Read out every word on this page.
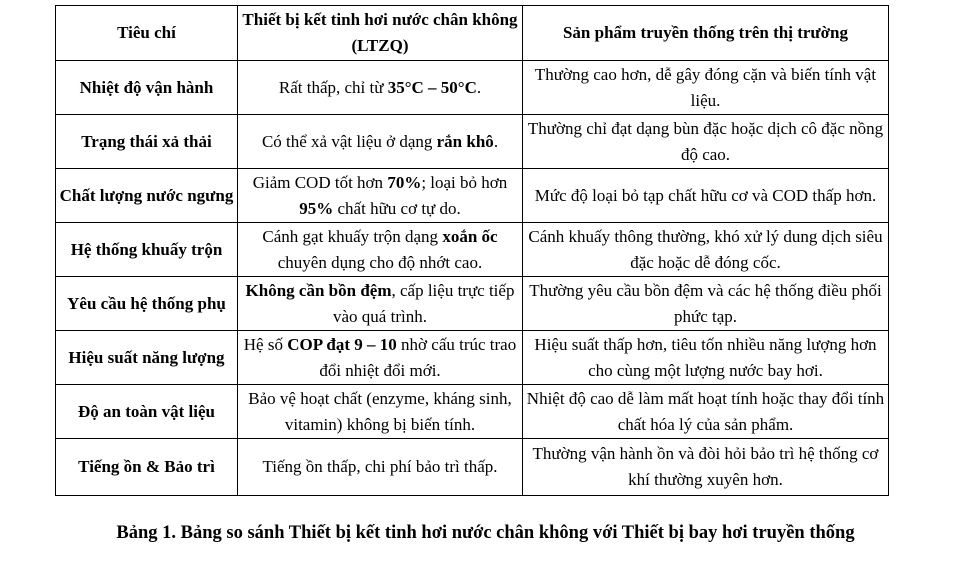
Tiêu chí	Thiết bị kết tinh hơi nước chân không (LTZQ)	Sản phẩm truyền thống trên thị trường
Nhiệt độ vận hành	Rất thấp, chỉ từ 35°C – 50°C.	Thường cao hơn, dễ gây đóng cặn và biến tính vật liệu.
Trạng thái xả thải	Có thể xả vật liệu ở dạng rắn khô.	Thường chỉ đạt dạng bùn đặc hoặc dịch cô đặc nồng độ cao.
Chất lượng nước ngưng	Giảm COD tốt hơn 70%; loại bỏ hơn 95% chất hữu cơ tự do.	Mức độ loại bỏ tạp chất hữu cơ và COD thấp hơn.
Hệ thống khuấy trộn	Cánh gạt khuấy trộn dạng xoắn ốc chuyên dụng cho độ nhớt cao.	Cánh khuấy thông thường, khó xử lý dung dịch siêu đặc hoặc dễ đóng cốc.
Yêu cầu hệ thống phụ	Không cần bồn đệm, cấp liệu trực tiếp vào quá trình.	Thường yêu cầu bồn đệm và các hệ thống điều phối phức tạp.
Hiệu suất năng lượng	Hệ số COP đạt 9 – 10 nhờ cấu trúc trao đổi nhiệt đổi mới.	Hiệu suất thấp hơn, tiêu tốn nhiều năng lượng hơn cho cùng một lượng nước bay hơi.
Độ an toàn vật liệu	Bảo vệ hoạt chất (enzyme, kháng sinh, vitamin) không bị biến tính.	Nhiệt độ cao dễ làm mất hoạt tính hoặc thay đổi tính chất hóa lý của sản phẩm.
Tiếng ồn & Bảo trì	Tiếng ồn thấp, chi phí bảo trì thấp.	Thường vận hành ồn và đòi hỏi bảo trì hệ thống cơ khí thường xuyên hơn.
Bảng 1. Bảng so sánh Thiết bị kết tinh hơi nước chân không với Thiết bị bay hơi truyền thống
